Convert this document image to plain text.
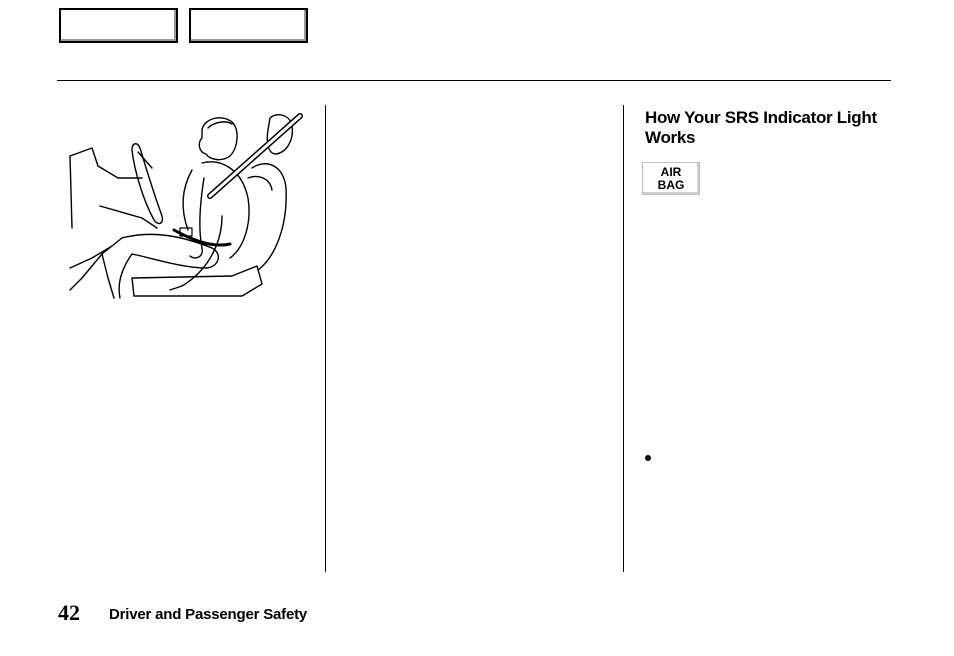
How Your SRS Indicator Light Works
AIR
BAG
42 Driver and Passenger Safety
